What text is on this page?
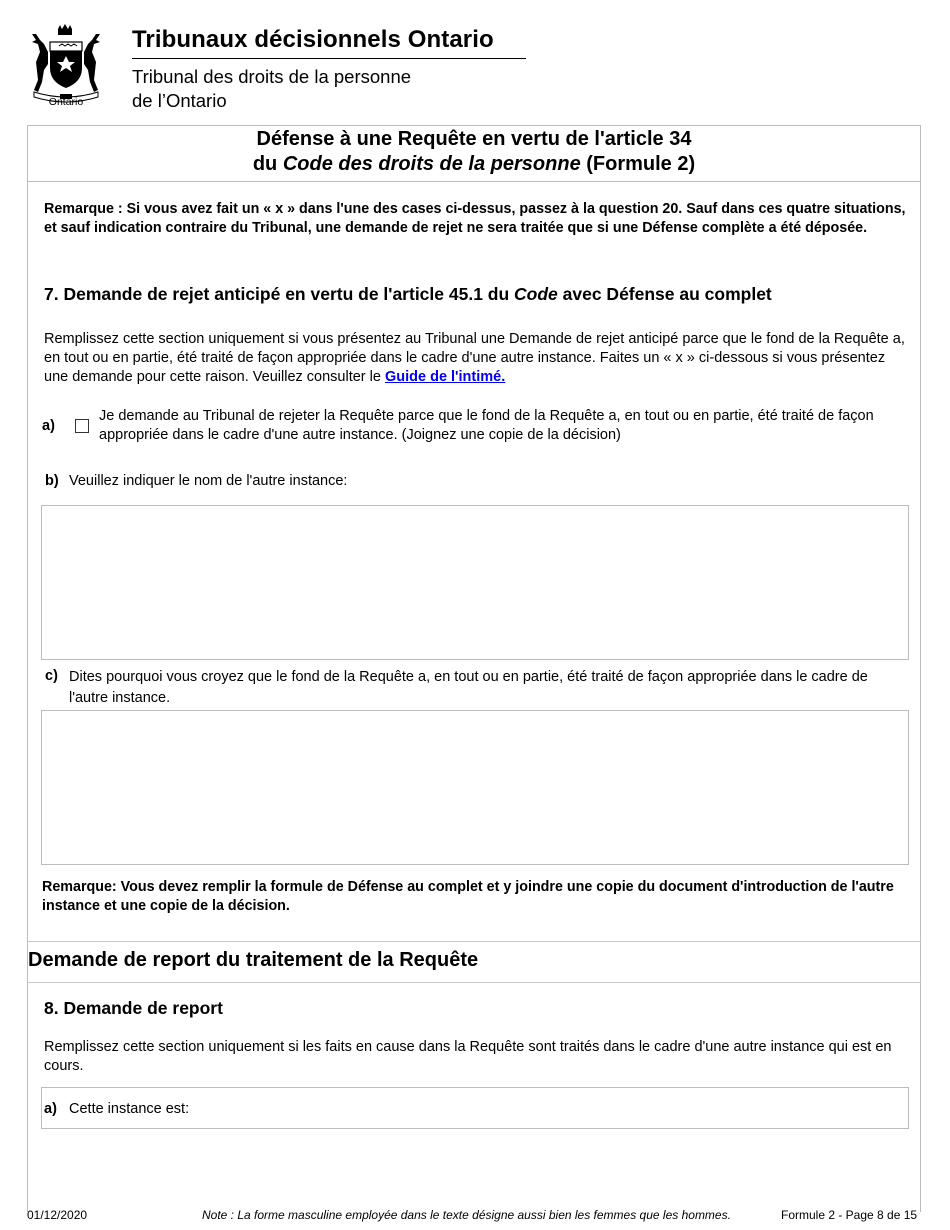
Ontario
Tribunaux décisionnels Ontario
Tribunal des droits de la personne
de l’Ontario
Défense à une Requête en vertu de l'article 34
du Code des droits de la personne (Formule 2)
Remarque : Si vous avez fait un « x » dans l'une des cases ci-dessus, passez à la question 20. Sauf dans ces quatre situations, et sauf indication contraire du Tribunal, une demande de rejet ne sera traitée que si une Défense complète a été déposée.
7. Demande de rejet anticipé en vertu de l'article 45.1 du Code avec Défense au complet
Remplissez cette section uniquement si vous présentez au Tribunal une Demande de rejet anticipé parce que le fond de la Requête a, en tout ou en partie, été traité de façon appropriée dans le cadre d'une autre instance. Faites un « x » ci-dessous si vous présentez une demande pour cette raison. Veuillez consulter le Guide de l'intimé.
a)
Je demande au Tribunal de rejeter la Requête parce que le fond de la Requête a, en tout ou en partie, été traité de façon appropriée dans le cadre d'une autre instance. (Joignez une copie de la décision)
b) Veuillez indiquer le nom de l'autre instance:
c) Dites pourquoi vous croyez que le fond de la Requête a, en tout ou en partie, été traité de façon appropriée dans le cadre de l'autre instance.
Remarque: Vous devez remplir la formule de Défense au complet et y joindre une copie du document d'introduction de l'autre instance et une copie de la décision.
Demande de report du traitement de la Requête
8. Demande de report
Remplissez cette section uniquement si les faits en cause dans la Requête sont traités dans le cadre d'une autre instance qui est en cours.
a) Cette instance est:
01/12/2020	Note : La forme masculine employée dans le texte désigne aussi bien les femmes que les hommes.	Formule 2 - Page 8 de 15
